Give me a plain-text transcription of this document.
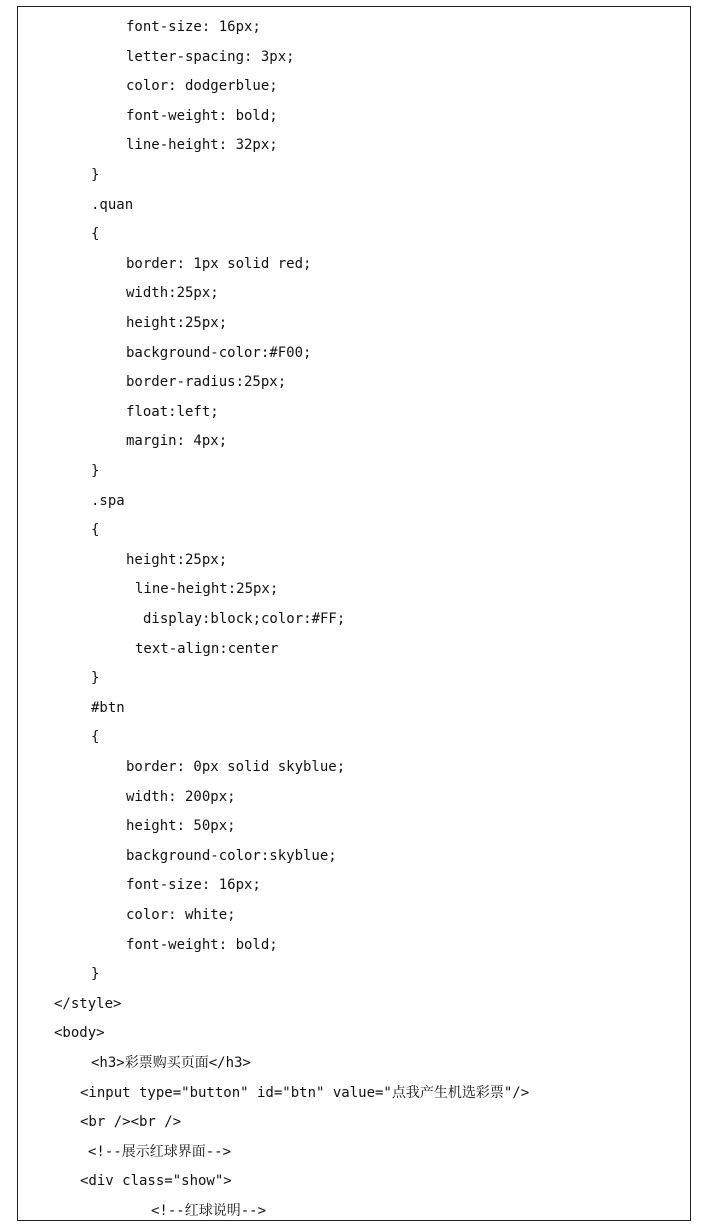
font-size: 16px;
letter-spacing: 3px;
color: dodgerblue;
font-weight: bold;
line-height: 32px;
}
.quan
{
border: 1px solid red;
width:25px;
height:25px;
background-color:#F00;
border-radius:25px;
float:left;
margin: 4px;
}
.spa
{
height:25px;
line-height:25px;
display:block;color:#FF;
text-align:center
}
#btn
{
border: 0px solid skyblue;
width: 200px;
height: 50px;
background-color:skyblue;
font-size: 16px;
color: white;
font-weight: bold;
}
</style>
<body>
<h3>彩票购买页面</h3>
<input type="button" id="btn" value="点我产生机选彩票"/>
<br /><br />
<!--展示红球界面-->
<div class="show">
<!--红球说明-->
